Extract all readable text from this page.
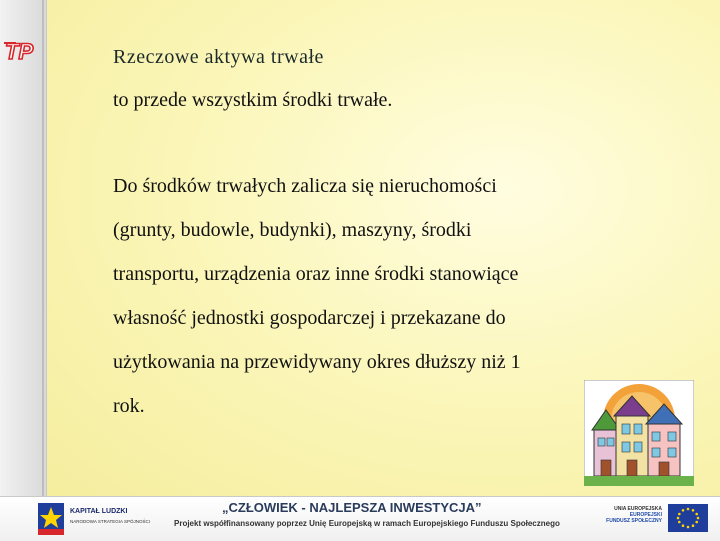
TP	Rzeczowe aktywa trwałe
to przede wszystkim środki trwałe.
Do środków trwałych zalicza się nieruchomości
(grunty, budowle, budynki), maszyny, środki
transportu, urządzenia oraz inne środki stanowiące
własność jednostki gospodarczej i przekazane do
użytkowania na przewidywany okres dłuższy niż 1
rok.
KAPITAŁ LUDZKI
NARODOWA STRATEGIA SPÓJNOŚCI
„CZŁOWIEK - NAJLEPSZA INWESTYCJA”
Projekt współfinansowany poprzez Unię Europejską w ramach Europejskiego Funduszu Społecznego
UNIA EUROPEJSKA
EUROPEJSKI
FUNDUSZ SPOŁECZNY
